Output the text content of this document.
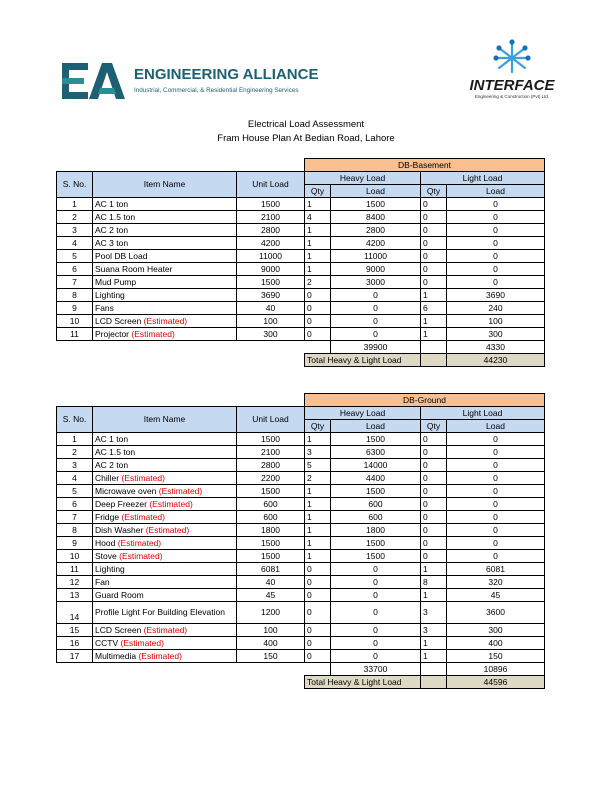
ENGINEERING ALLIANCE
Industrial, Commercial, & Residential Engineering Services	INTERFACE
Engineering & Construction (Pvt) Ltd.
Electrical Load Assessment
Fram House Plan At Bedian Road, Lahore
			DB-Basement			
S. No.	Item Name	Unit Load	Heavy Load		Light Load	
			Qty	Load	Qty	Load
1	AC 1 ton	1500	1	1500	0	0
2	AC 1.5 ton	2100	4	8400	0	0
3	AC 2 ton	2800	1	2800	0	0
4	AC 3 ton	4200	1	4200	0	0
5	Pool DB Load	11000	1	11000	0	0
6	Suana Room Heater	9000	1	9000	0	0
7	Mud Pump	1500	2	3000	0	0
8	Lighting	3690	0	0	1	3690
9	Fans	40	0	0	6	240
10	LCD Screen (Estimated)	100	0	0	1	100
11	Projector (Estimated)	300	0	0	1	300
				39900		4330
			Total Heavy & Light Load			44230
			DB-Ground			
S. No.	Item Name	Unit Load	Heavy Load		Light Load	
			Qty	Load	Qty	Load
1	AC 1 ton	1500	1	1500	0	0
2	AC 1.5 ton	2100	3	6300	0	0
3	AC 2 ton	2800	5	14000	0	0
4	Chiller (Estimated)	2200	2	4400	0	0
5	Microwave oven (Estimated)	1500	1	1500	0	0
6	Deep Freezer (Estimated)	600	1	600	0	0
7	Fridge (Estimated)	600	1	600	0	0
8	Dish Washer (Estimated)	1800	1	1800	0	0
9	Hood (Estimated)	1500	1	1500	0	0
10	Stove (Estimated)	1500	1	1500	0	0
11	Lighting	6081	0	0	1	6081
12	Fan	40	0	0	8	320
13	Guard Room	45	0	0	1	45
14	Profile Light For Building Elevation	1200	0	0	3	3600
15	LCD Screen (Estimated)	100	0	0	3	300
16	CCTV (Estimated)	400	0	0	1	400
17	Multimedia (Estimated)	150	0	0	1	150
				33700		10896
			Total Heavy & Light Load			44596
